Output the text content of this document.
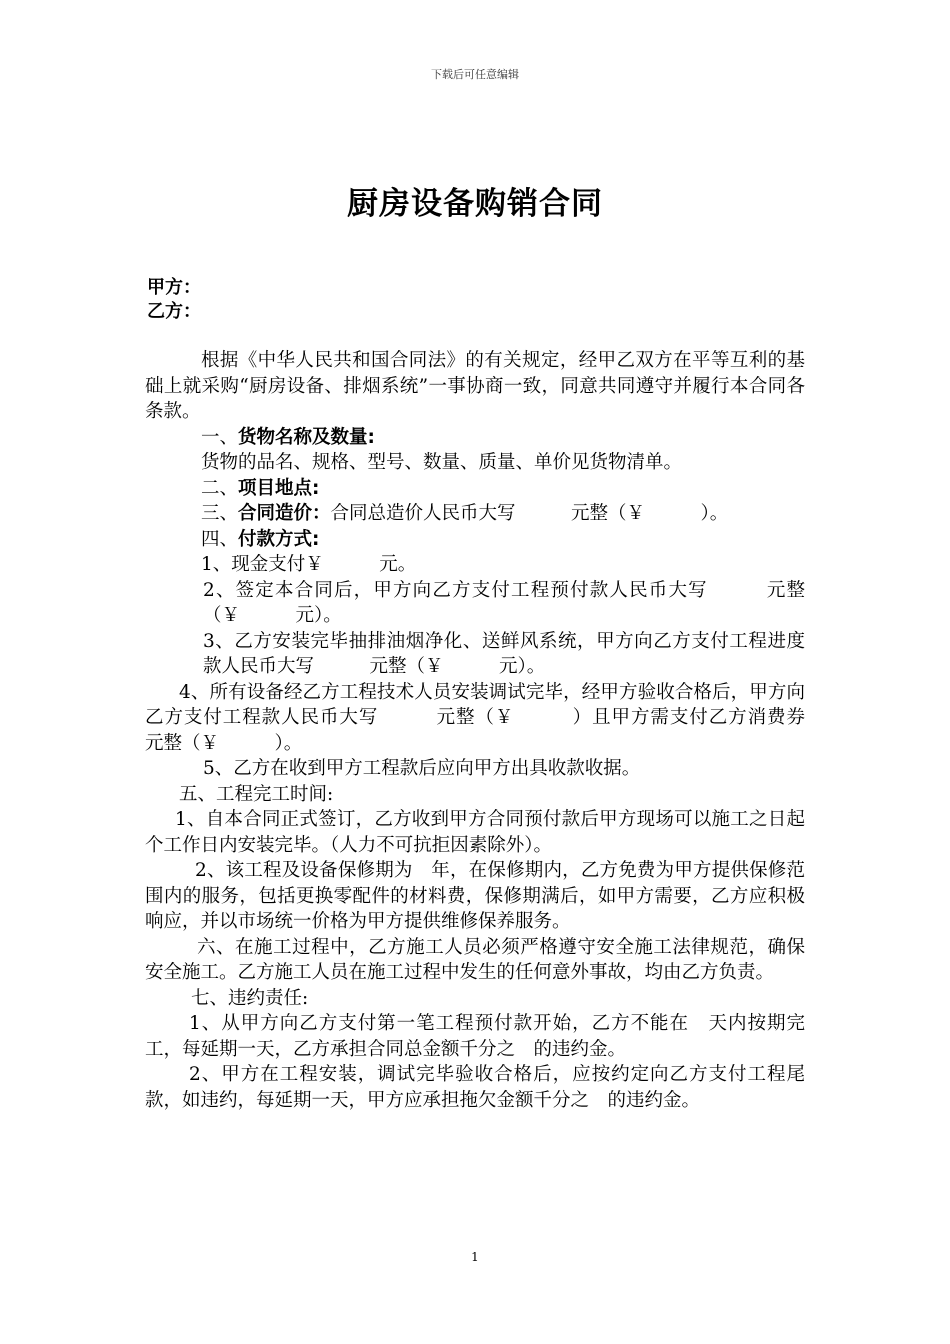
下载后可任意编辑
厨房设备购销合同
甲方：
乙方：

根据《中华人民共和国合同法》的有关规定，经甲乙双方在平等互利的基础上就采购“厨房设备、排烟系统”一事协商一致，同意共同遵守并履行本合同各条款。

一、货物名称及数量:

货物的品名、规格、型号、数量、质量、单价见货物清单。

二、项目地点:

三、合同造价：合同总造价人民币大写　　　元整（￥　　　）。

四、付款方式:

1、现金支付￥　　　元。

2、签定本合同后，甲方向乙方支付工程预付款人民币大写　　　元整（￥　　　元）。

3、乙方安装完毕抽排油烟净化、送鲜风系统，甲方向乙方支付工程进度款人民币大写　　　元整（￥　　　元）。

4、所有设备经乙方工程技术人员安装调试完毕，经甲方验收合格后，甲方向乙方支付工程款人民币大写　　　元整（￥　　　）且甲方需支付乙方消费券　　元整（￥　　　）。

5、乙方在收到甲方工程款后应向甲方出具收款收据。

五、工程完工时间:

1、自本合同正式签订，乙方收到甲方合同预付款后甲方现场可以施工之日起　个工作日内安装完毕。（人力不可抗拒因素除外）。

2、该工程及设备保修期为　年，在保修期内，乙方免费为甲方提供保修范围内的服务，包括更换零配件的材料费，保修期满后，如甲方需要，乙方应积极响应，并以市场统一价格为甲方提供维修保养服务。

六、在施工过程中，乙方施工人员必须严格遵守安全施工法律规范，确保安全施工。乙方施工人员在施工过程中发生的任何意外事故，均由乙方负责。

七、违约责任:

1、从甲方向乙方支付第一笔工程预付款开始，乙方不能在　天内按期完工，每延期一天，乙方承担合同总金额千分之　的违约金。

2、甲方在工程安装，调试完毕验收合格后，应按约定向乙方支付工程尾款，如违约，每延期一天，甲方应承担拖欠金额千分之　的违约金。

1
